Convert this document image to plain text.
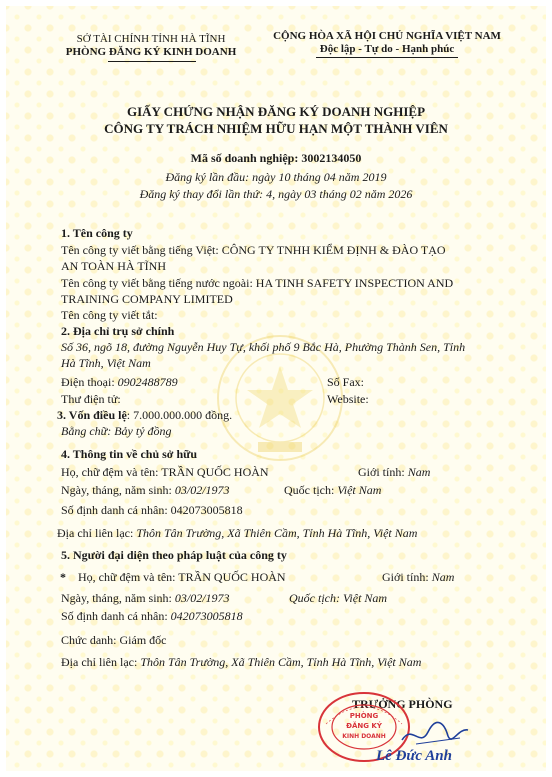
SỞ TÀI CHÍNH TỈNH HÀ TĨNH
PHÒNG ĐĂNG KÝ KINH DOANH
CỘNG HÒA XÃ HỘI CHỦ NGHĨA VIỆT NAM
Độc lập - Tự do - Hạnh phúc
GIẤY CHỨNG NHẬN ĐĂNG KÝ DOANH NGHIỆP
CÔNG TY TRÁCH NHIỆM HỮU HẠN MỘT THÀNH VIÊN
Mã số doanh nghiệp: 3002134050
Đăng ký lần đầu: ngày 10 tháng 04 năm 2019
Đăng ký thay đổi lần thứ: 4, ngày 03 tháng 02 năm 2026
1. Tên công ty
Tên công ty viết bằng tiếng Việt: CÔNG TY TNHH KIỂM ĐỊNH & ĐÀO TẠO
AN TOÀN HÀ TĨNH
Tên công ty viết bằng tiếng nước ngoài: HA TINH SAFETY INSPECTION AND
TRAINING COMPANY LIMITED
Tên công ty viết tắt:
2. Địa chỉ trụ sở chính
Số 36, ngõ 18, đường Nguyễn Huy Tự, khối phố 9 Bắc Hà, Phường Thành Sen, Tỉnh
Hà Tĩnh, Việt Nam
Điện thoại: 0902488789	Số Fax:
Thư điện tử:	Website:
3. Vốn điều lệ: 7.000.000.000 đồng.
Bằng chữ: Bảy tỷ đồng
4. Thông tin về chủ sở hữu
Họ, chữ đệm và tên: TRẦN QUỐC HOÀN	Giới tính: Nam
Ngày, tháng, năm sinh: 03/02/1973	Quốc tịch: Việt Nam
Số định danh cá nhân: 042073005818
Địa chỉ liên lạc: Thôn Tân Trường, Xã Thiên Cầm, Tỉnh Hà Tĩnh, Việt Nam
5. Người đại diện theo pháp luật của công ty
* Họ, chữ đệm và tên: TRẦN QUỐC HOÀN	Giới tính: Nam
Ngày, tháng, năm sinh: 03/02/1973	Quốc tịch: Việt Nam
Số định danh cá nhân: 042073005818
Chức danh: Giám đốc
Địa chỉ liên lạc: Thôn Tân Trường, Xã Thiên Cầm, Tỉnh Hà Tĩnh, Việt Nam
TRƯỞNG PHÒNG
PHÒNG
ĐĂNG KÝ
KINH DOANH
Lê Đức Anh
